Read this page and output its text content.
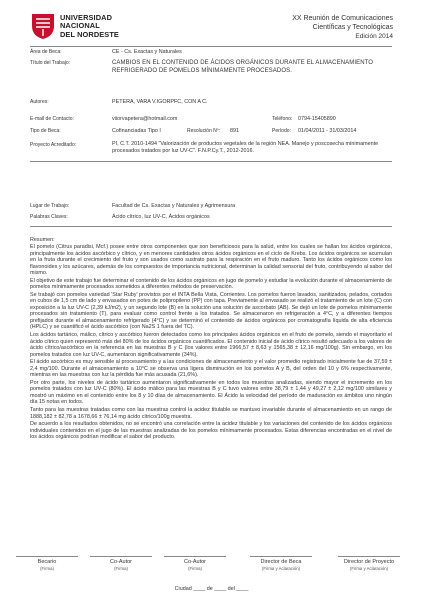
UNIVERSIDAD
NACIONAL
DEL NORDESTE
XX Reunión de Comunicaciones
Científicas y Tecnológicas
Edición 2014
Área de Beca:	CE - Cs. Exactas y Naturales
Título del Trabajo:	CAMBIOS EN EL CONTENIDO DE ÁCIDOS ORGÁNICOS DURANTE EL ALMACENAMIENTO REFRIGERADO DE POMELOS MÍNIMAMENTE PROCESADOS.
Autores:	PETERA, VARA V.IGORPFC, CON A C.
E-mail de Contacto:	viiorvapetera@hotmail.com	Teléfono: 0794-15405890
Tipo de Beca:	Cofinanciadas Tipo I	Resolución Nº: 891	Período: 01/04/2011 - 31/03/2014
Proyecto Acreditado:	PI, C.T. 2010-1494 "Valorización de productos vegetales de la región NEA. Manejo y poscosecha mínimamente procesados tratados por luz UV-C". F.N.P.Cy.T., 2012-2016.
Lugar de Trabajo:	Facultad de Cs. Exactas y Naturales y Agrimensura
Palabras Claves:	Ácido cítrico, luz UV-C, Ácidos orgánicos
Resumen:

El pomelo (Citrus paradisi, Mcf.) posee entre otros componentes que son beneficiosos para la salud, entre los cuales se hallan los ácidos orgánicos, principalmente los ácidos ascórbico y cítrico, y en menores cantidades otros ácidos orgánicos en el ciclo de Krebs. Los ácidos orgánicos se acumulan en la fruta durante el crecimiento del fruto y son usados como sustrato para la respiración en el fruto maduro. Tanto los ácidos orgánicos como los flavonoides y los azúcares, además de los compuestos de importancia nutricional, determinan la calidad sensorial del fruto, contribuyendo al sabor del mismo.

El objetivo de este trabajo fue determinar el contenido de los ácidos orgánicos en jugo de pomelo y estudiar la evolución durante el almacenamiento de pomelos mínimamente procesados sometidos a diferentes métodos de preservación.

Se trabajó con pomelos variedad 'Star Ruby' provistos por el INTA Bella Vista, Corrientes. Los pomelos fueron lavados, sanitizados, pelados, cortados en cubos de 1,5 cm de lado y envasados en potes de polipropileno (PP) con tapa. Previamente al envasado se realizó el tratamiento de un lote (C) con exposición a la luz UV-C (2,39 kJ/m2), y un segundo lote (B) en la solución una solución de ascorbato (AB). Se dejó un lote de pomelos mínimamente procesados sin tratamiento (T), para evaluar como control frente a los tratados. Se almacenaron en refrigeración a 4°C, y a diferentes tiempos prefijados durante el almacenamiento refrigerado (4°C) y se determinó el contenido de ácidos orgánicos por cromatografía líquida de alta eficiencia (HPLC) y se cuantificó el ácido ascórbico (con Na2S 1 fuera del TC).

Los ácidos tartárico, málico, cítrico y ascórbico fueron detectados como los principales ácidos orgánicos en el fruto de pomelo, siendo el mayoritario el ácido cítrico quien representó más del 80% de los ácidos orgánicos cuantificados. El contenido inicial de ácido cítrico resultó adecuado a los valores de ácido cítrico/ascórbico en la referencia en las muestras B y C (los valores entre 1966,57 ± 8,63 y 1565,38 ± 12,16 mg/100g). Sin embargo, en los pomelos tratados con luz UV-C, aumentaron significativamente (34%).

El ácido ascórbico es muy sensible al procesamiento y a las condiciones de almacenamiento y el valor promedio registrado inicialmente fue de 37,59 ± 2,4 mg/100. Durante el almacenamiento a 10°C se observa una ligera disminución en los pomelos A y B, del orden del 10 y 6% respectivamente, mientras en las muestras con luz la pérdida fue más acusada (21,6%).

Por otro parte, los niveles de ácido tartárico aumentaron significativamente en todos los muestras analizadas, siendo mayor el incremento en los pomelos tratados con luz UV-C (80%). El ácido málico para las muestras B y C tuvo valores entre 38,79 ± 1,44 y 49,27 ± 2,12 mg/100 similares y mostró un máximo en el contenido entre los 8 y 10 días de almacenamiento. El Ácido la velocidad del período de maduración es ámbitos uno ningún día 15 notas en todos.

Tanto para las muestras tratadas como con las muestras control la acidez titulable se mantuvo invariable durante el almacenamiento en un rango de 1888,182 ± 82,78 a 1678,66 ± 76,14 mg ácido cítrico/100g muestra.

De acuerdo a los resultados obtenidos, no se encontró una correlación entre la acidez titulable y los variaciones del contenido de los ácidos orgánicos individuales contenidos en el jugo de las muestras analizadas de los pomelos mínimamente procesados. Estas diferencias encontradas en el nivel de los ácidos orgánicos podrían modificar el sabor del producto.

Becario
(Firma)
Co-Autor
(Firma)
Co-Autor
(Firma)
Director de Beca
(Firma y Aclaración)
Director de Proyecto
(Firma y Aclaración)
Ciudad ____ de ____ del ____
